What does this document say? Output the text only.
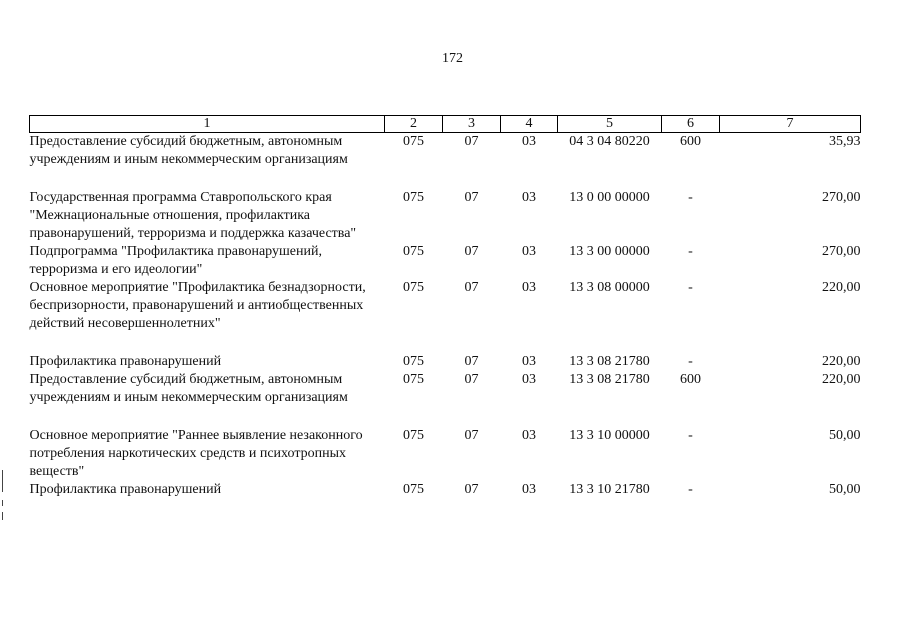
172
1	2	3	4	5	6	7
Предоставление субсидий бюджетным, автономным учреждениям и иным некоммерческим организациям	075	07	03	04 3 04 80220	600	35,93
Государственная программа Ставропольского края "Межнациональные отношения, профилактика правонарушений, терроризма и поддержка казачества"	075	07	03	13 0 00 00000	-	270,00
Подпрограмма "Профилактика правонарушений, терроризма и его идеологии"	075	07	03	13 3 00 00000	-	270,00
Основное мероприятие "Профилактика безнадзорности, беспризорности, правонарушений и антиобщественных действий несовершеннолетних"	075	07	03	13 3 08 00000	-	220,00
Профилактика правонарушений	075	07	03	13 3 08 21780	-	220,00
Предоставление субсидий бюджетным, автономным учреждениям и иным некоммерческим организациям	075	07	03	13 3 08 21780	600	220,00
Основное мероприятие "Раннее выявление незаконного потребления наркотических средств и психотропных веществ"	075	07	03	13 3 10 00000	-	50,00
Профилактика правонарушений	075	07	03	13 3 10 21780	-	50,00
